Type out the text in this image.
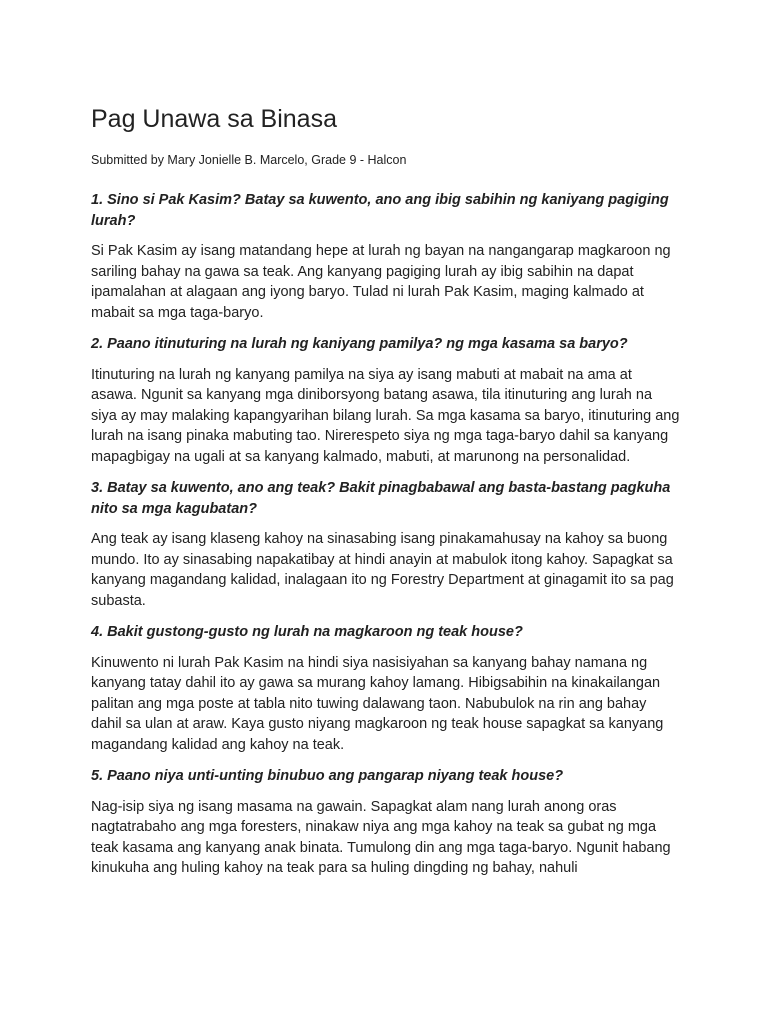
Pag Unawa sa Binasa

Submitted by Mary Jonielle B. Marcelo, Grade 9 - Halcon

1. Sino si Pak Kasim? Batay sa kuwento, ano ang ibig sabihin ng kaniyang pagiging lurah?

Si Pak Kasim ay isang matandang hepe at lurah ng bayan na nangangarap magkaroon ng sariling bahay na gawa sa teak. Ang kanyang pagiging lurah ay ibig sabihin na dapat ipamalahan at alagaan ang iyong baryo. Tulad ni lurah Pak Kasim, maging kalmado at mabait sa mga taga-baryo.

2. Paano itinuturing na lurah ng kaniyang pamilya? ng mga kasama sa baryo?

Itinuturing na lurah ng kanyang pamilya na siya ay isang mabuti at mabait na ama at asawa. Ngunit sa kanyang mga diniborsyong batang asawa, tila itinuturing ang lurah na siya ay may malaking kapangyarihan bilang lurah. Sa mga kasama sa baryo, itinuturing ang lurah na isang pinaka mabuting tao. Nirerespeto siya ng mga taga-baryo dahil sa kanyang mapagbigay na ugali at sa kanyang kalmado, mabuti, at marunong na personalidad.

3. Batay sa kuwento, ano ang teak? Bakit pinagbabawal ang basta-bastang pagkuha nito sa mga kagubatan?

Ang teak ay isang klaseng kahoy na sinasabing isang pinakamahusay na kahoy sa buong mundo. Ito ay sinasabing napakatibay at hindi anayin at mabulok itong kahoy. Sapagkat sa kanyang magandang kalidad, inalagaan ito ng Forestry Department at ginagamit ito sa pag subasta.

4. Bakit gustong-gusto ng lurah na magkaroon ng teak house?

Kinuwento ni lurah Pak Kasim na hindi siya nasisiyahan sa kanyang bahay namana ng kanyang tatay dahil ito ay gawa sa murang kahoy lamang. Hibigsabihin na kinakailangan palitan ang mga poste at tabla nito tuwing dalawang taon. Nabubulok na rin ang bahay dahil sa ulan at araw. Kaya gusto niyang magkaroon ng teak house sapagkat sa kanyang magandang kalidad ang kahoy na teak.

5. Paano niya unti-unting binubuo ang pangarap niyang teak house?

Nag-isip siya ng isang masama na gawain. Sapagkat alam nang lurah anong oras nagtatrabaho ang mga foresters, ninakaw niya ang mga kahoy na teak sa gubat ng mga teak kasama ang kanyang anak binata. Tumulong din ang mga taga-baryo. Ngunit habang kinukuha ang huling kahoy na teak para sa huling dingding ng bahay, nahuli
